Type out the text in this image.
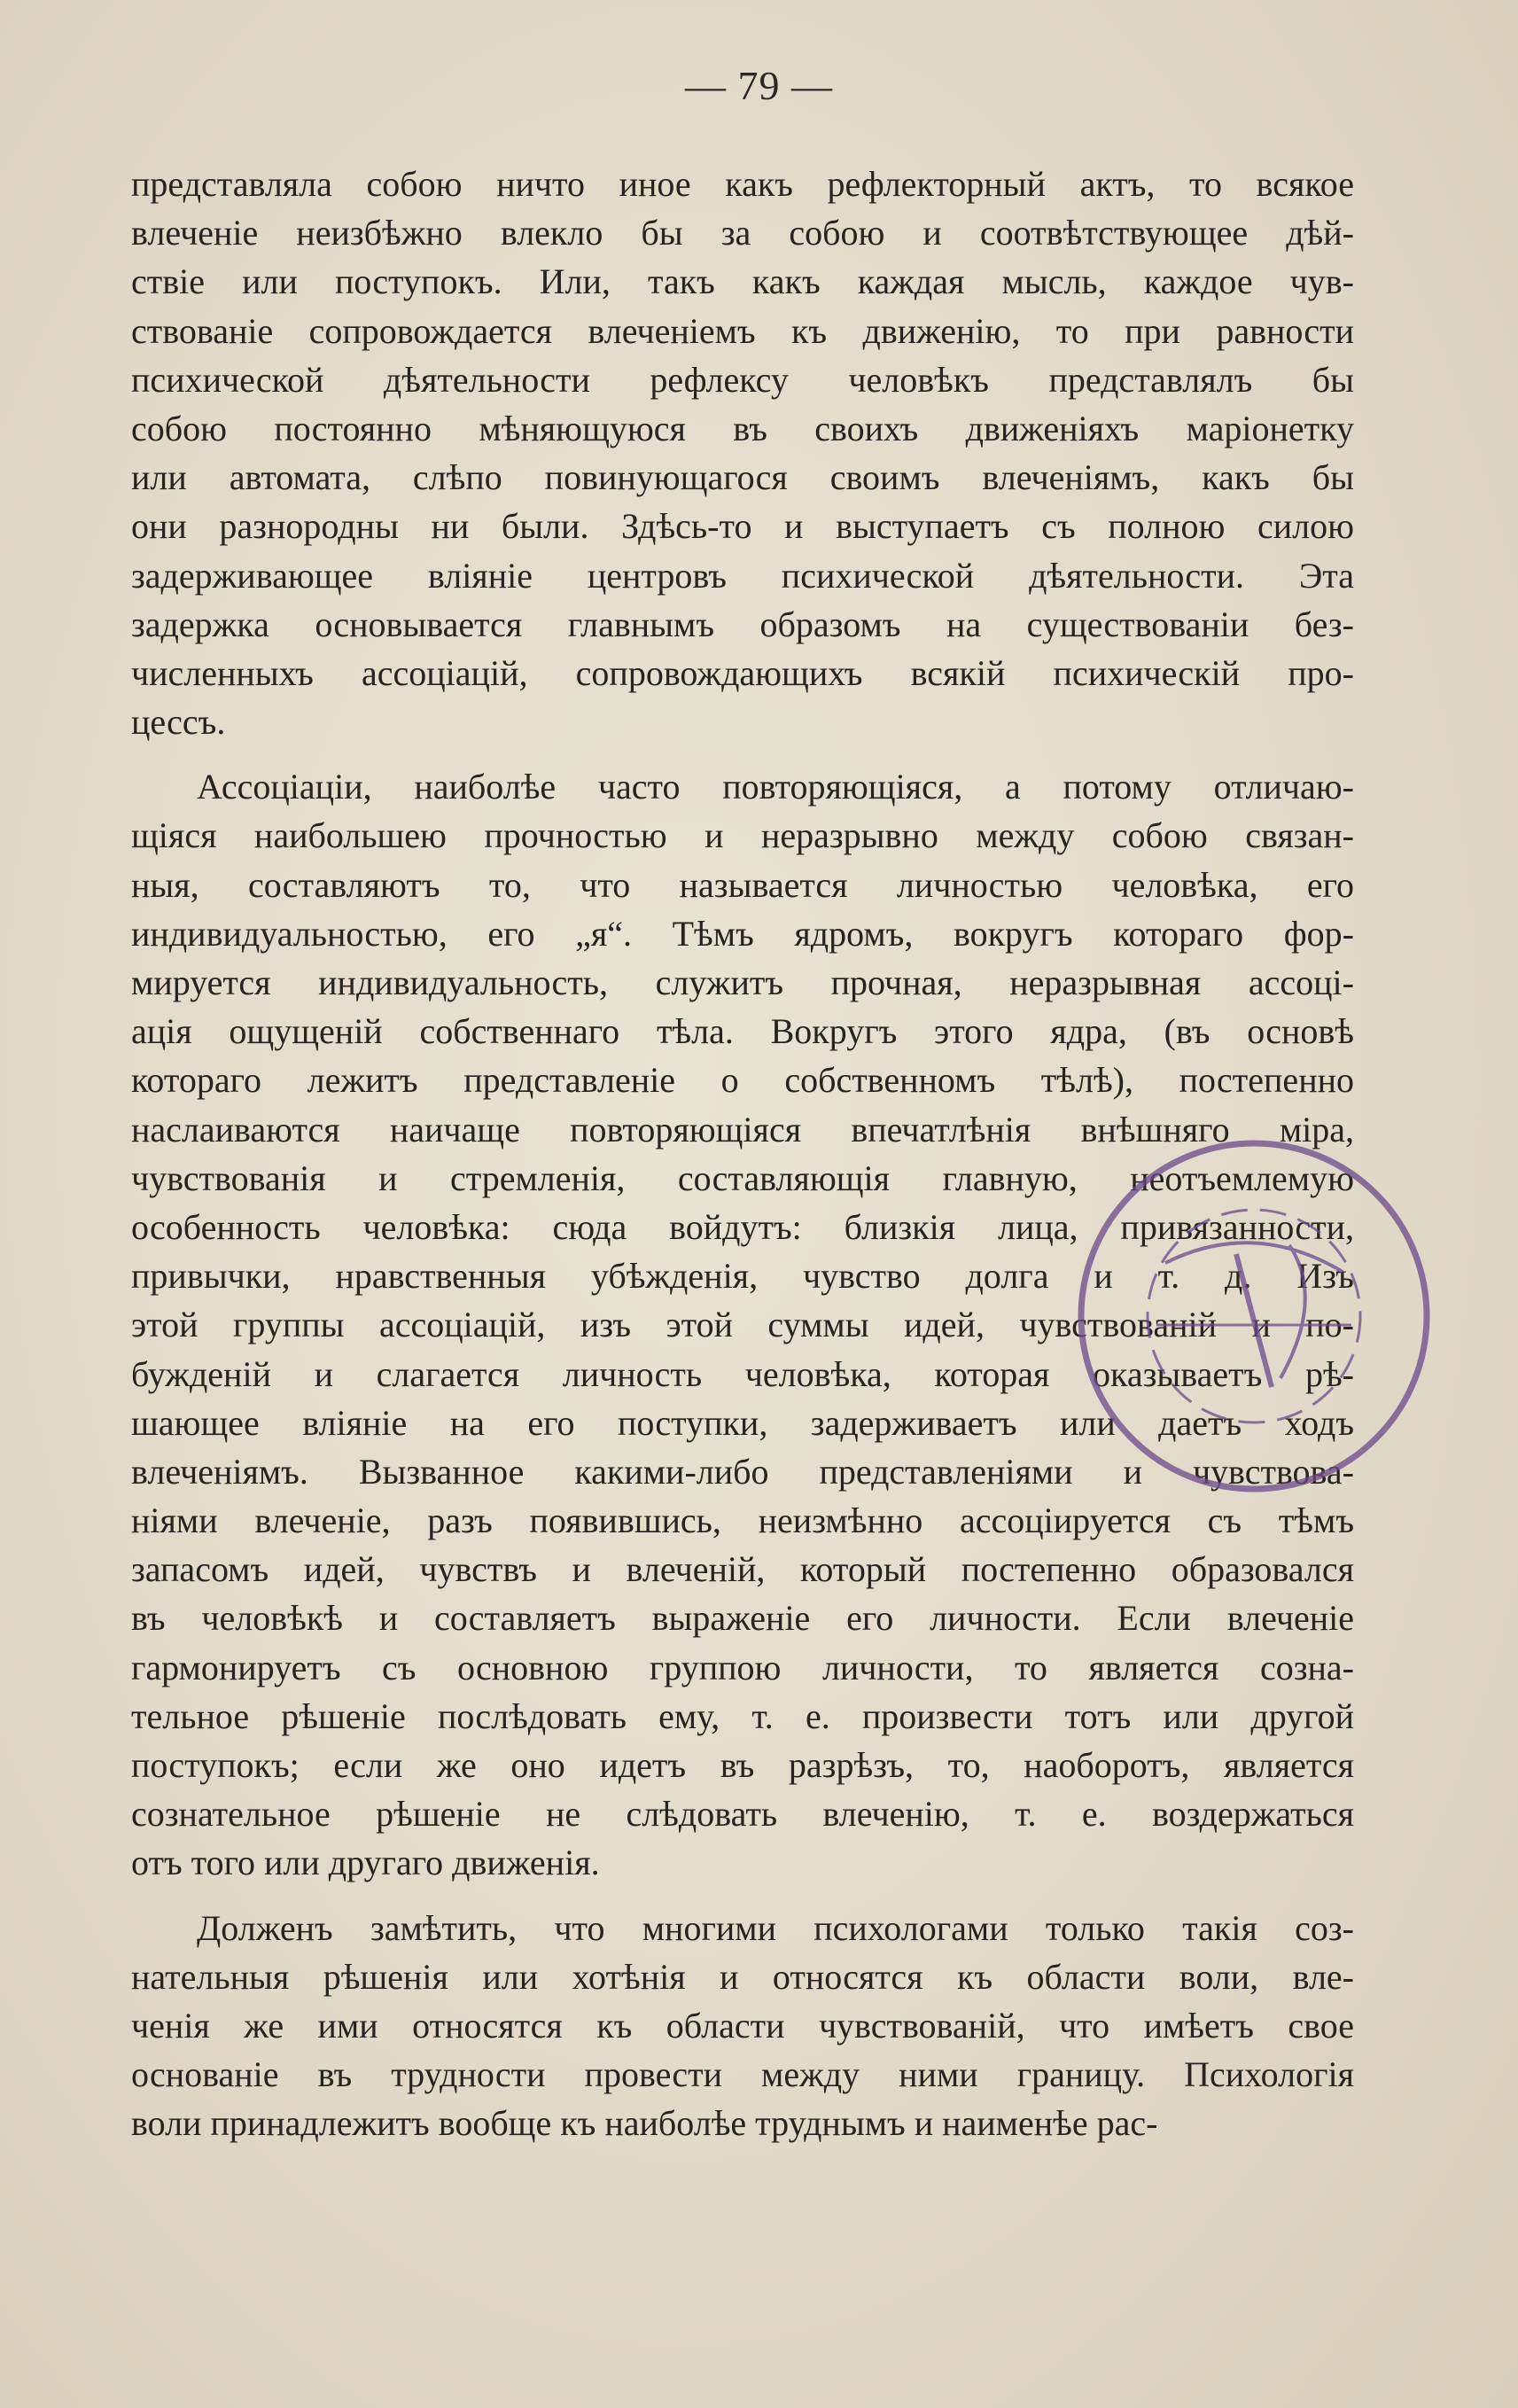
— 79 —
представляла собою ничто иное какъ рефлекторный актъ, то всякое
влеченіе неизбѣжно влекло бы за собою и соотвѣтствующее дѣй-
ствіе или поступокъ. Или, такъ какъ каждая мысль, каждое чув-
ствованіе сопровождается влеченіемъ къ движенію, то при равности
психической дѣятельности рефлексу человѣкъ представлялъ бы
собою постоянно мѣняющуюся въ своихъ движеніяхъ маріонетку
или автомата, слѣпо повинующагося своимъ влеченіямъ, какъ бы
они разнородны ни были. Здѣсь-то и выступаетъ съ полною силою
задерживающее вліяніе центровъ психической дѣятельности. Эта
задержка основывается главнымъ образомъ на существованіи без-
численныхъ ассоціацій, сопровождающихъ всякій психическій про-
цессъ.
Ассоціаціи, наиболѣе часто повторяющіяся, а потому отличаю-
щіяся наибольшею прочностью и неразрывно между собою связан-
ныя, составляютъ то, что называется личностью человѣка, его
индивидуальностью, его „я“. Тѣмъ ядромъ, вокругъ котораго фор-
мируется индивидуальность, служитъ прочная, неразрывная ассоці-
ація ощущеній собственнаго тѣла. Вокругъ этого ядра, (въ основѣ
котораго лежитъ представленіе о собственномъ тѣлѣ), постепенно
наслаиваются наичаще повторяющіяся впечатлѣнія внѣшняго міра,
чувствованія и стремленія, составляющія главную, неотъемлемую
особенность человѣка: сюда войдутъ: близкія лица, привязанности,
привычки, нравственныя убѣжденія, чувство долга и т. д. Изъ
этой группы ассоціацій, изъ этой суммы идей, чувствованій и по-
бужденій и слагается личность человѣка, которая оказываетъ рѣ-
шающее вліяніе на его поступки, задерживаетъ или даетъ ходъ
влеченіямъ. Вызванное какими-либо представленіями и чувствова-
ніями влеченіе, разъ появившись, неизмѣнно ассоціируется съ тѣмъ
запасомъ идей, чувствъ и влеченій, который постепенно образовался
въ человѣкѣ и составляетъ выраженіе его личности. Если влеченіе
гармонируетъ съ основною группою личности, то является созна-
тельное рѣшеніе послѣдовать ему, т. е. произвести тотъ или другой
поступокъ; если же оно идетъ въ разрѣзъ, то, наоборотъ, является
сознательное рѣшеніе не слѣдовать влеченію, т. е. воздержаться
отъ того или другаго движенія.
Долженъ замѣтить, что многими психологами только такія соз-
нательныя рѣшенія или хотѣнія и относятся къ области воли, вле-
ченія же ими относятся къ области чувствованій, что имѣетъ свое
основаніе въ трудности провести между ними границу. Психологія
воли принадлежитъ вообще къ наиболѣе труднымъ и наименѣе рас-
